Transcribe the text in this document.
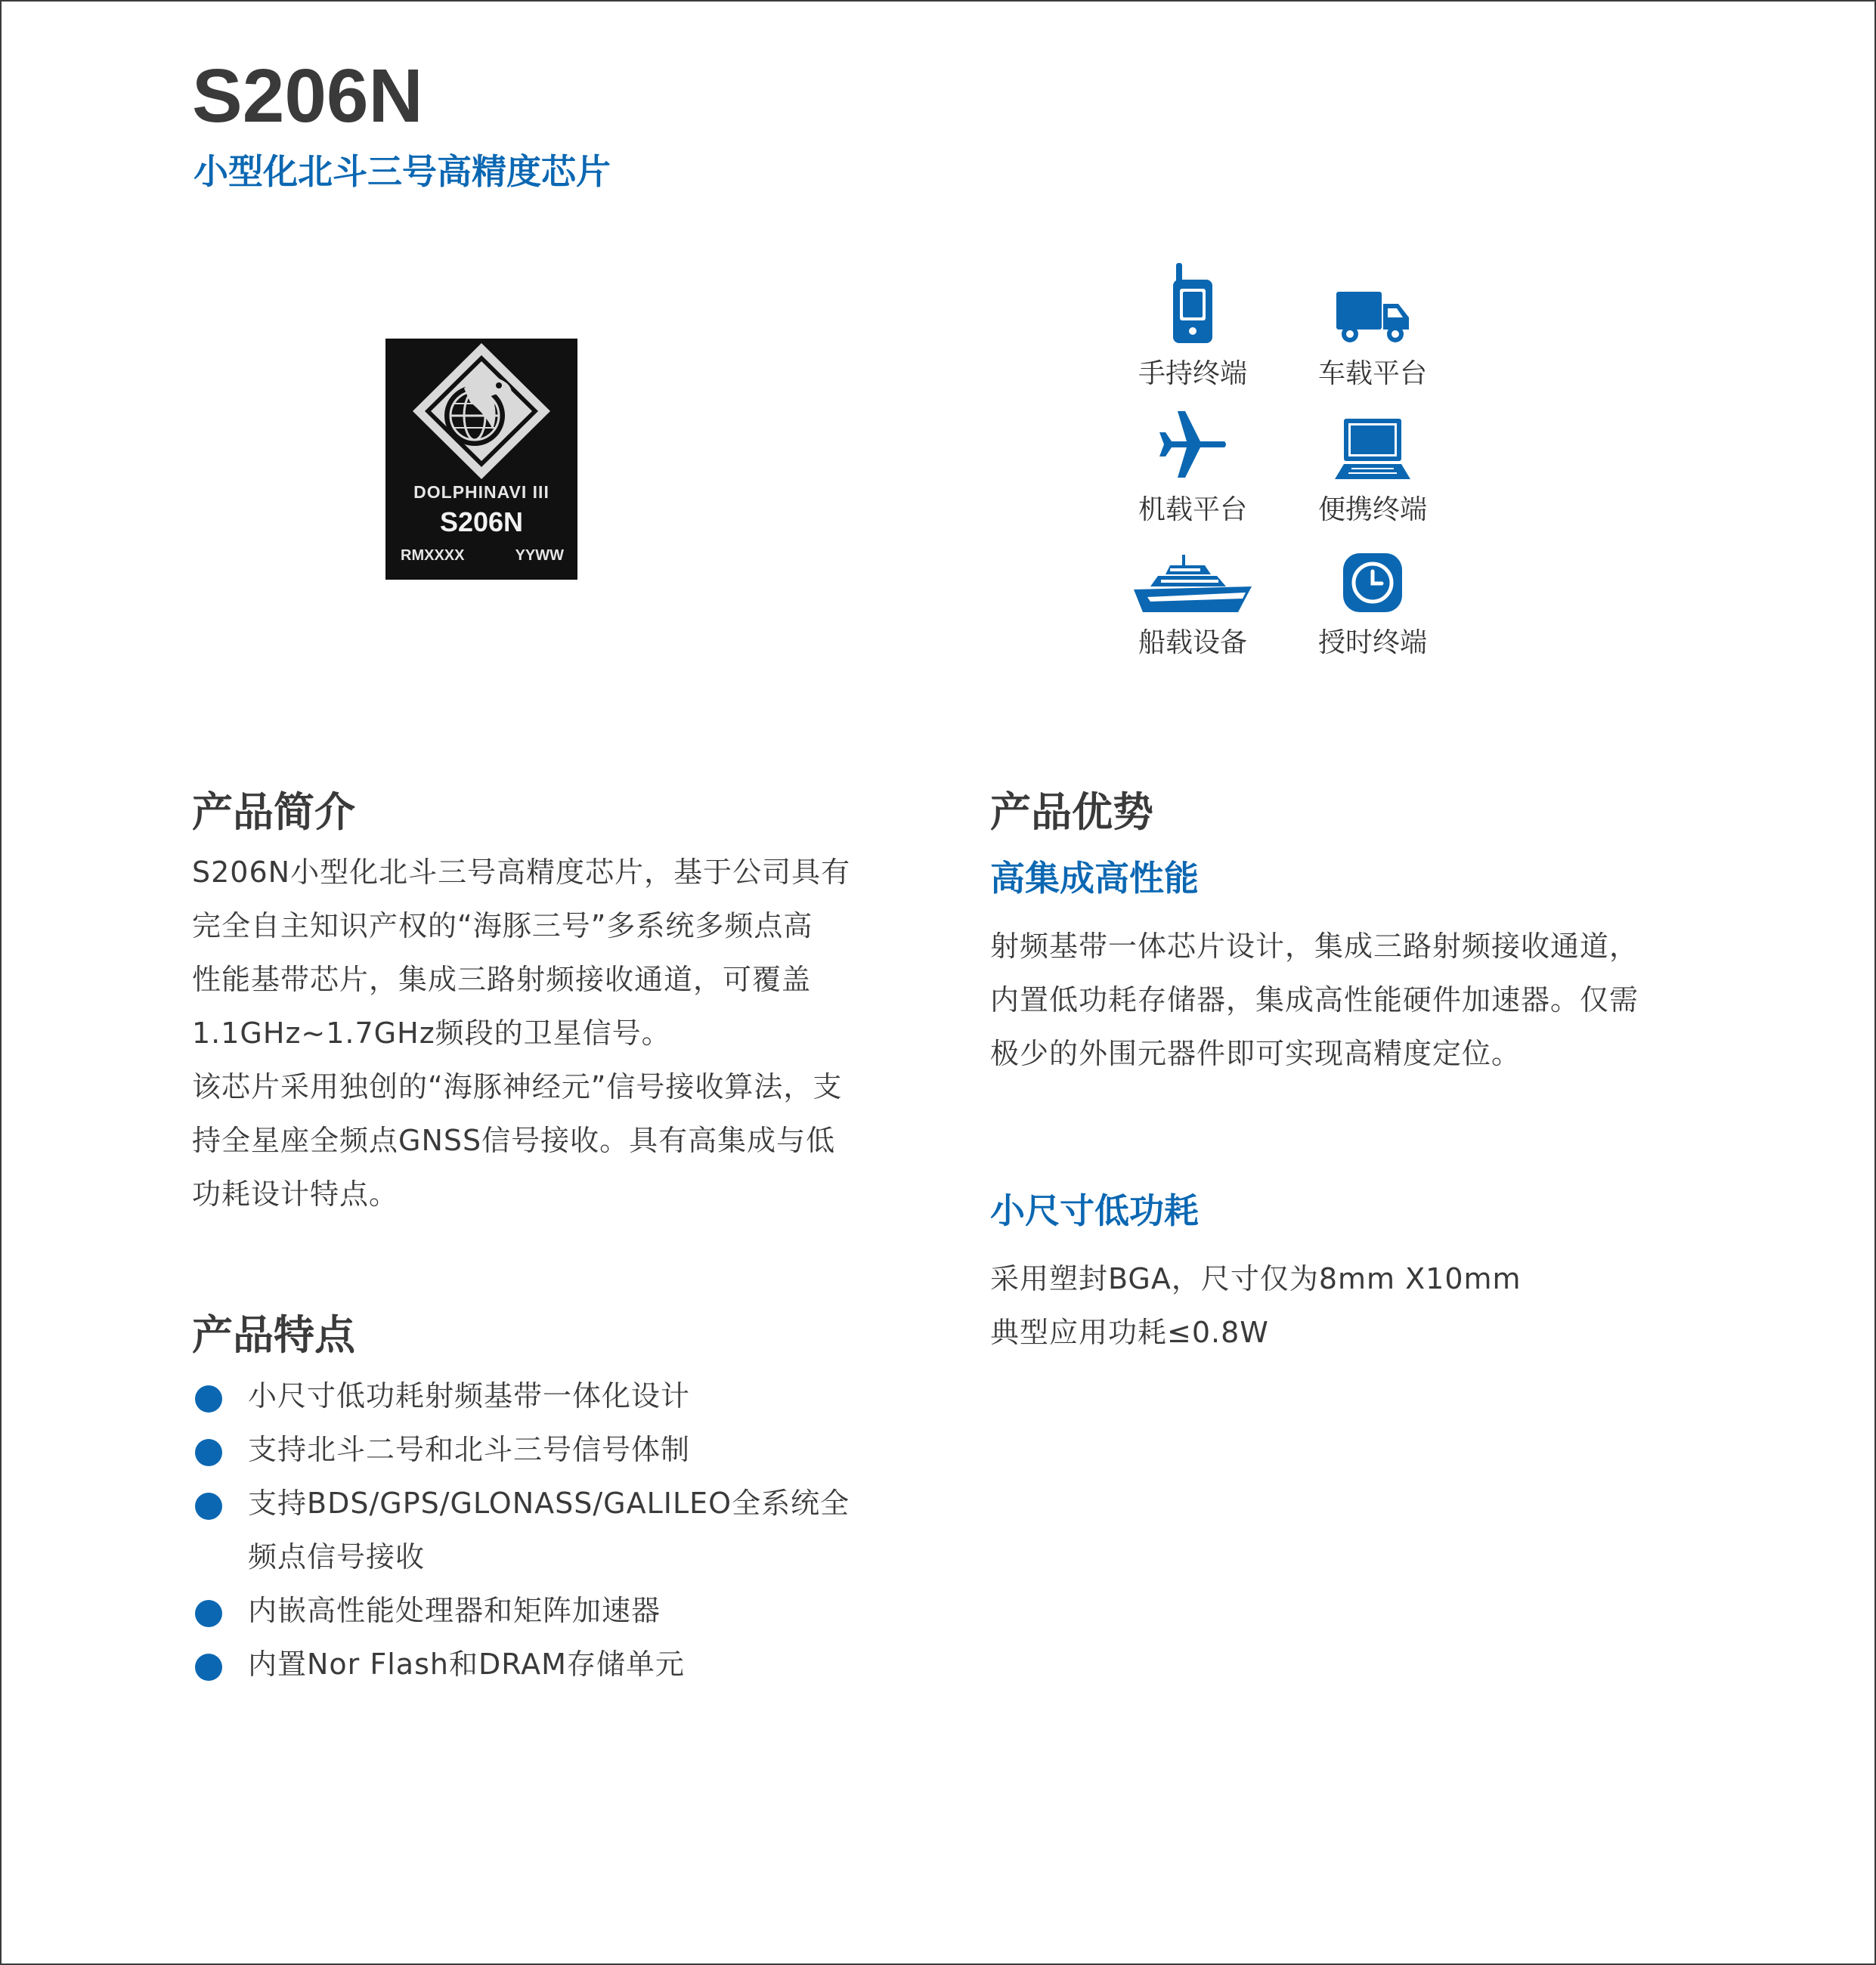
S206N
小型化北斗三号高精度芯片
DOLPHINAVI III
S206N
RMXXXX	YYWW
手持终端	车载平台
机载平台	便携终端
船载设备	授时终端
产品简介
S206N小型化北斗三号高精度芯片，基于公司具有
完全自主知识产权的“海豚三号”多系统多频点高
性能基带芯片，集成三路射频接收通道，可覆盖
1.1GHz~1.7GHz频段的卫星信号。
该芯片采用独创的“海豚神经元”信号接收算法，支
持全星座全频点GNSS信号接收。具有高集成与低
功耗设计特点。
产品特点
小尺寸低功耗射频基带一体化设计
支持北斗二号和北斗三号信号体制
支持BDS/GPS/GLONASS/GALILEO全系统全
频点信号接收
内嵌高性能处理器和矩阵加速器
内置Nor Flash和DRAM存储单元
产品优势
高集成高性能
射频基带一体芯片设计，集成三路射频接收通道，
内置低功耗存储器，集成高性能硬件加速器。仅需
极少的外围元器件即可实现高精度定位。
小尺寸低功耗
采用塑封BGA，尺寸仅为8mm X10mm
典型应用功耗≤0.8W
